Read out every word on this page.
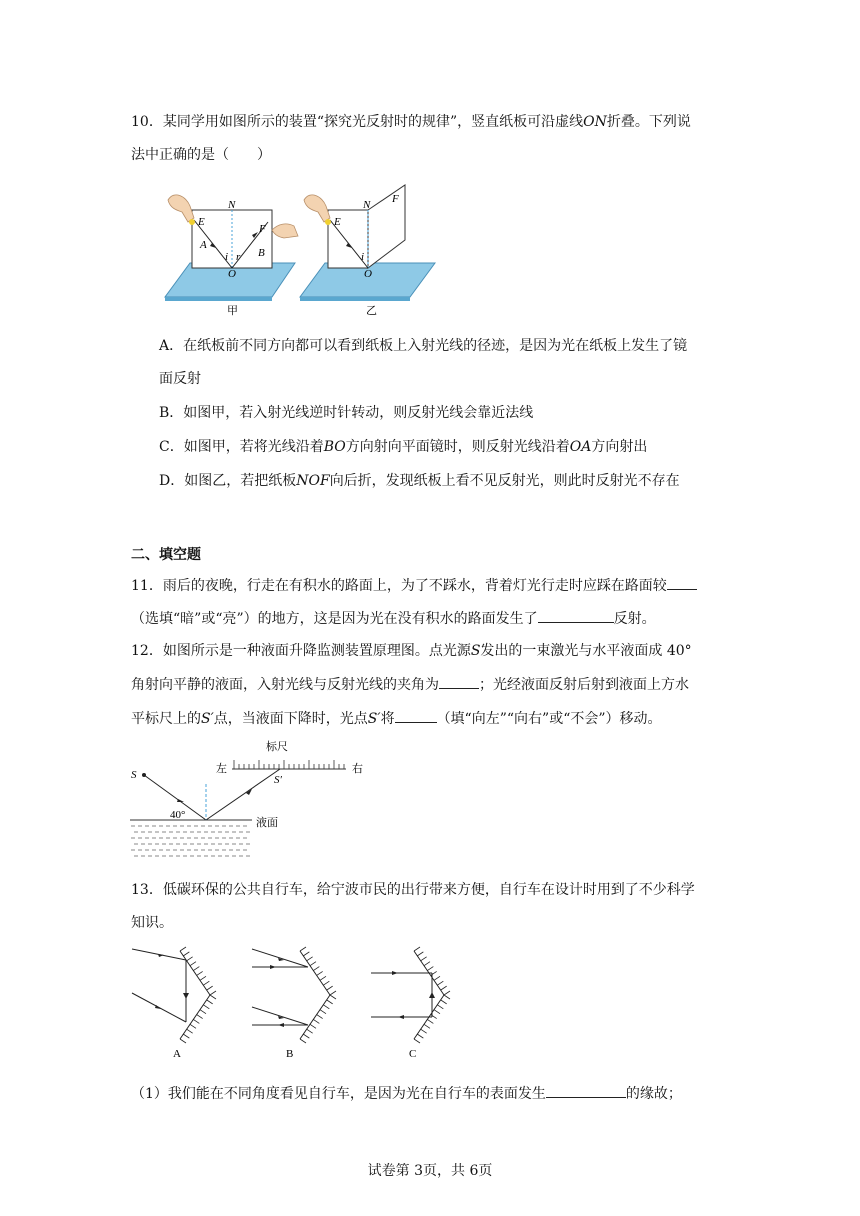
10．某同学用如图所示的装置“探究光反射时的规律”，竖直纸板可沿虚线ON折叠。下列说
法中正确的是（　　）
E
N
A
F
B
O
i r
E
N F
O
i
甲	乙
A．在纸板前不同方向都可以看到纸板上入射光线的径迹，是因为光在纸板上发生了镜
面反射
B．如图甲，若入射光线逆时针转动，则反射光线会靠近法线
C．如图甲，若将光线沿着BO方向射向平面镜时，则反射光线沿着OA方向射出
D．如图乙，若把纸板NOF向后折，发现纸板上看不见反射光，则此时反射光不存在
二、填空题
11．雨后的夜晚，行走在有积水的路面上，为了不踩水，背着灯光行走时应踩在路面较
（选填“暗”或“亮”）的地方，这是因为光在没有积水的路面发生了	反射。
12．如图所示是一种液面升降监测装置原理图。点光源S发出的一束激光与水平液面成 40°
角射向平静的液面，入射光线与反射光线的夹角为	；光经液面反射后射到液面上方水
平标尺上的S′点，当液面下降时，光点S′将	（填“向左”“向右”或“不会”）移动。
标尺
左	右
S	S′
40°
液面
13．低碳环保的公共自行车，给宁波市民的出行带来方便，自行车在设计时用到了不少科学
知识。
A	B	C
（1）我们能在不同角度看见自行车，是因为光在自行车的表面发生	的缘故；
试卷第 3页，共 6页
